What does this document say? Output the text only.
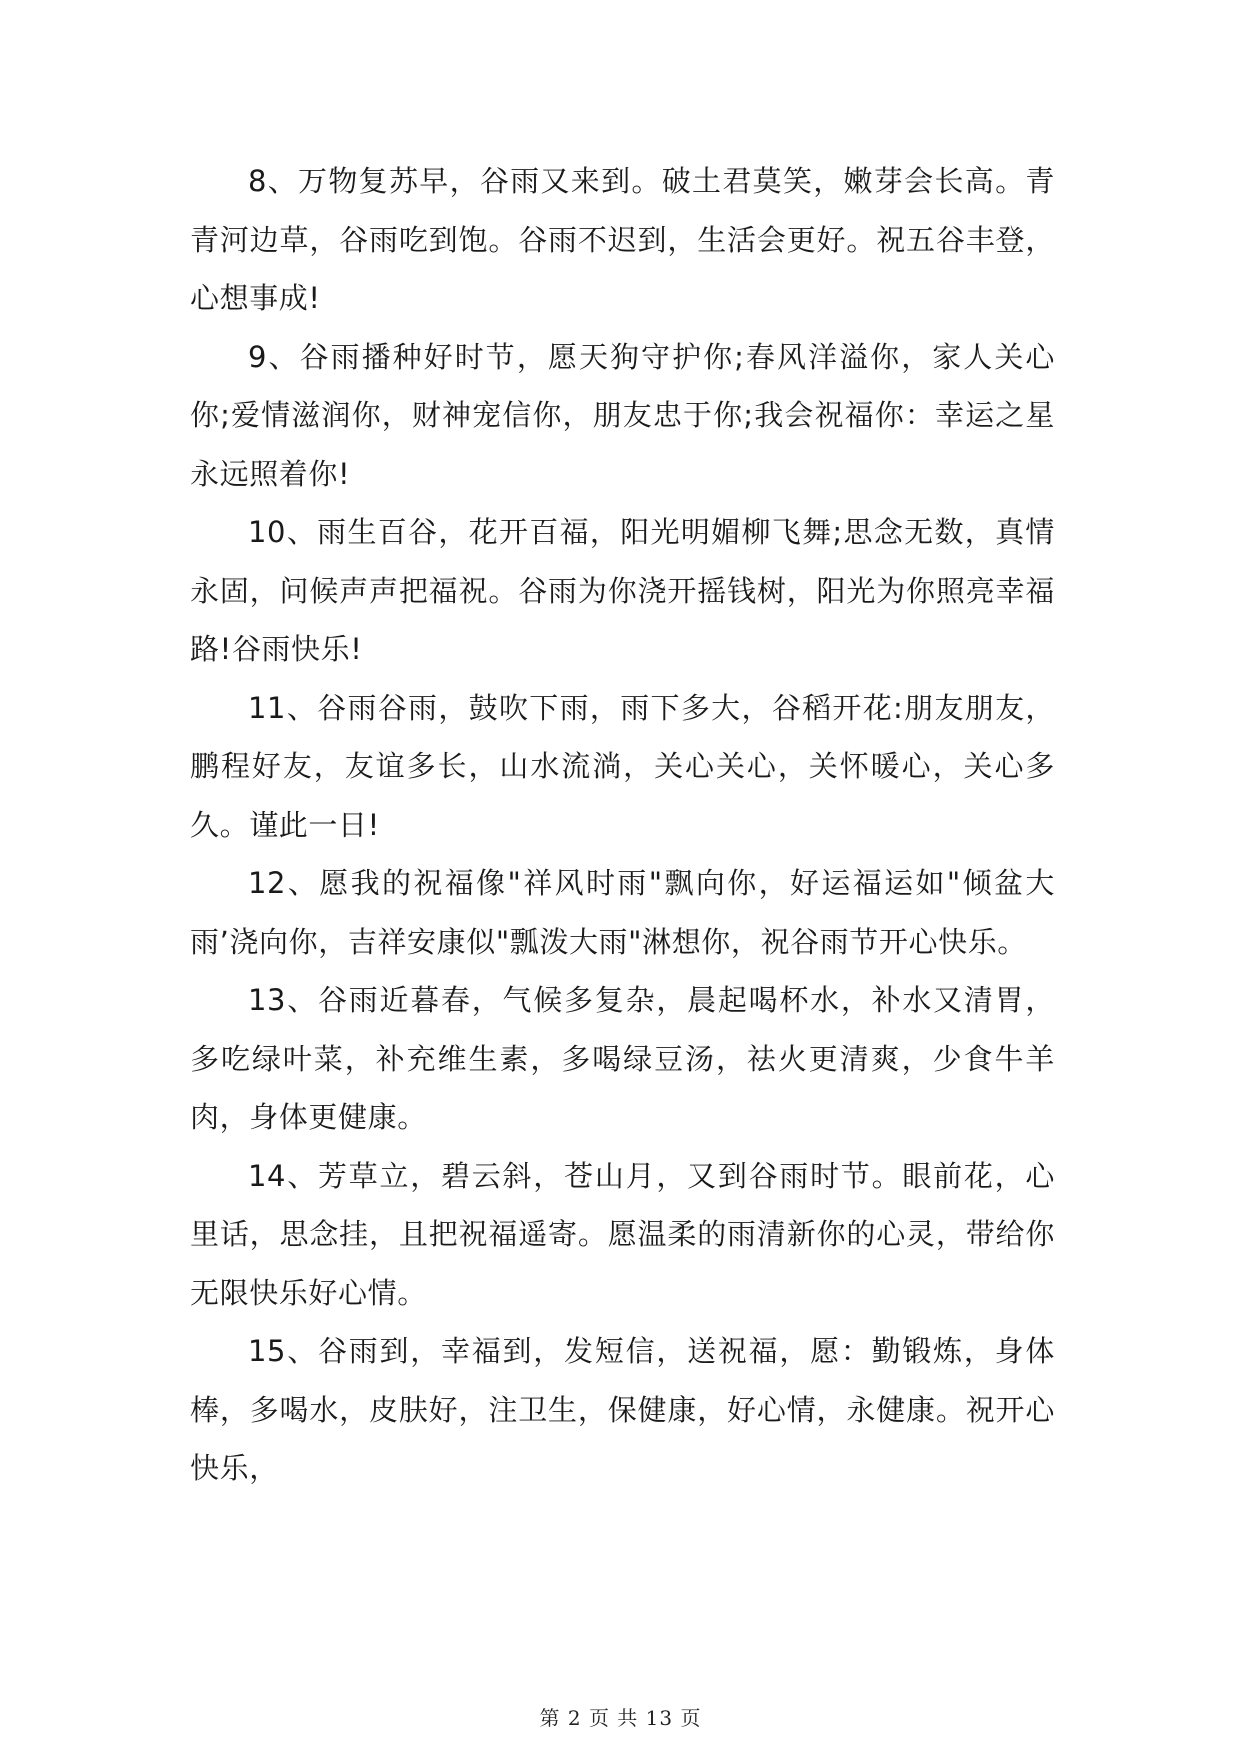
8、万物复苏早，谷雨又来到。破土君莫笑，嫩芽会长高。青青河边草，谷雨吃到饱。谷雨不迟到，生活会更好。祝五谷丰登，心想事成!

9、谷雨播种好时节，愿天狗守护你;春风洋溢你，家人关心你;爱情滋润你，财神宠信你，朋友忠于你;我会祝福你：幸运之星永远照着你!

10、雨生百谷，花开百福，阳光明媚柳飞舞;思念无数，真情永固，问候声声把福祝。谷雨为你浇开摇钱树，阳光为你照亮幸福路!谷雨快乐!

11、谷雨谷雨，鼓吹下雨，雨下多大，谷稻开花:朋友朋友，鹏程好友，友谊多长，山水流淌，关心关心，关怀暖心，关心多久。谨此一日!

12、愿我的祝福像"祥风时雨"飘向你，好运福运如"倾盆大雨’浇向你，吉祥安康似"瓢泼大雨"淋想你，祝谷雨节开心快乐。

13、谷雨近暮春，气候多复杂，晨起喝杯水，补水又清胃，多吃绿叶菜，补充维生素，多喝绿豆汤，祛火更清爽，少食牛羊肉，身体更健康。

14、芳草立，碧云斜，苍山月，又到谷雨时节。眼前花，心里话，思念挂，且把祝福遥寄。愿温柔的雨清新你的心灵，带给你无限快乐好心情。

15、谷雨到，幸福到，发短信，送祝福，愿：勤锻炼，身体棒，多喝水，皮肤好，注卫生，保健康，好心情，永健康。祝开心快乐，

第 2 页 共 13 页
